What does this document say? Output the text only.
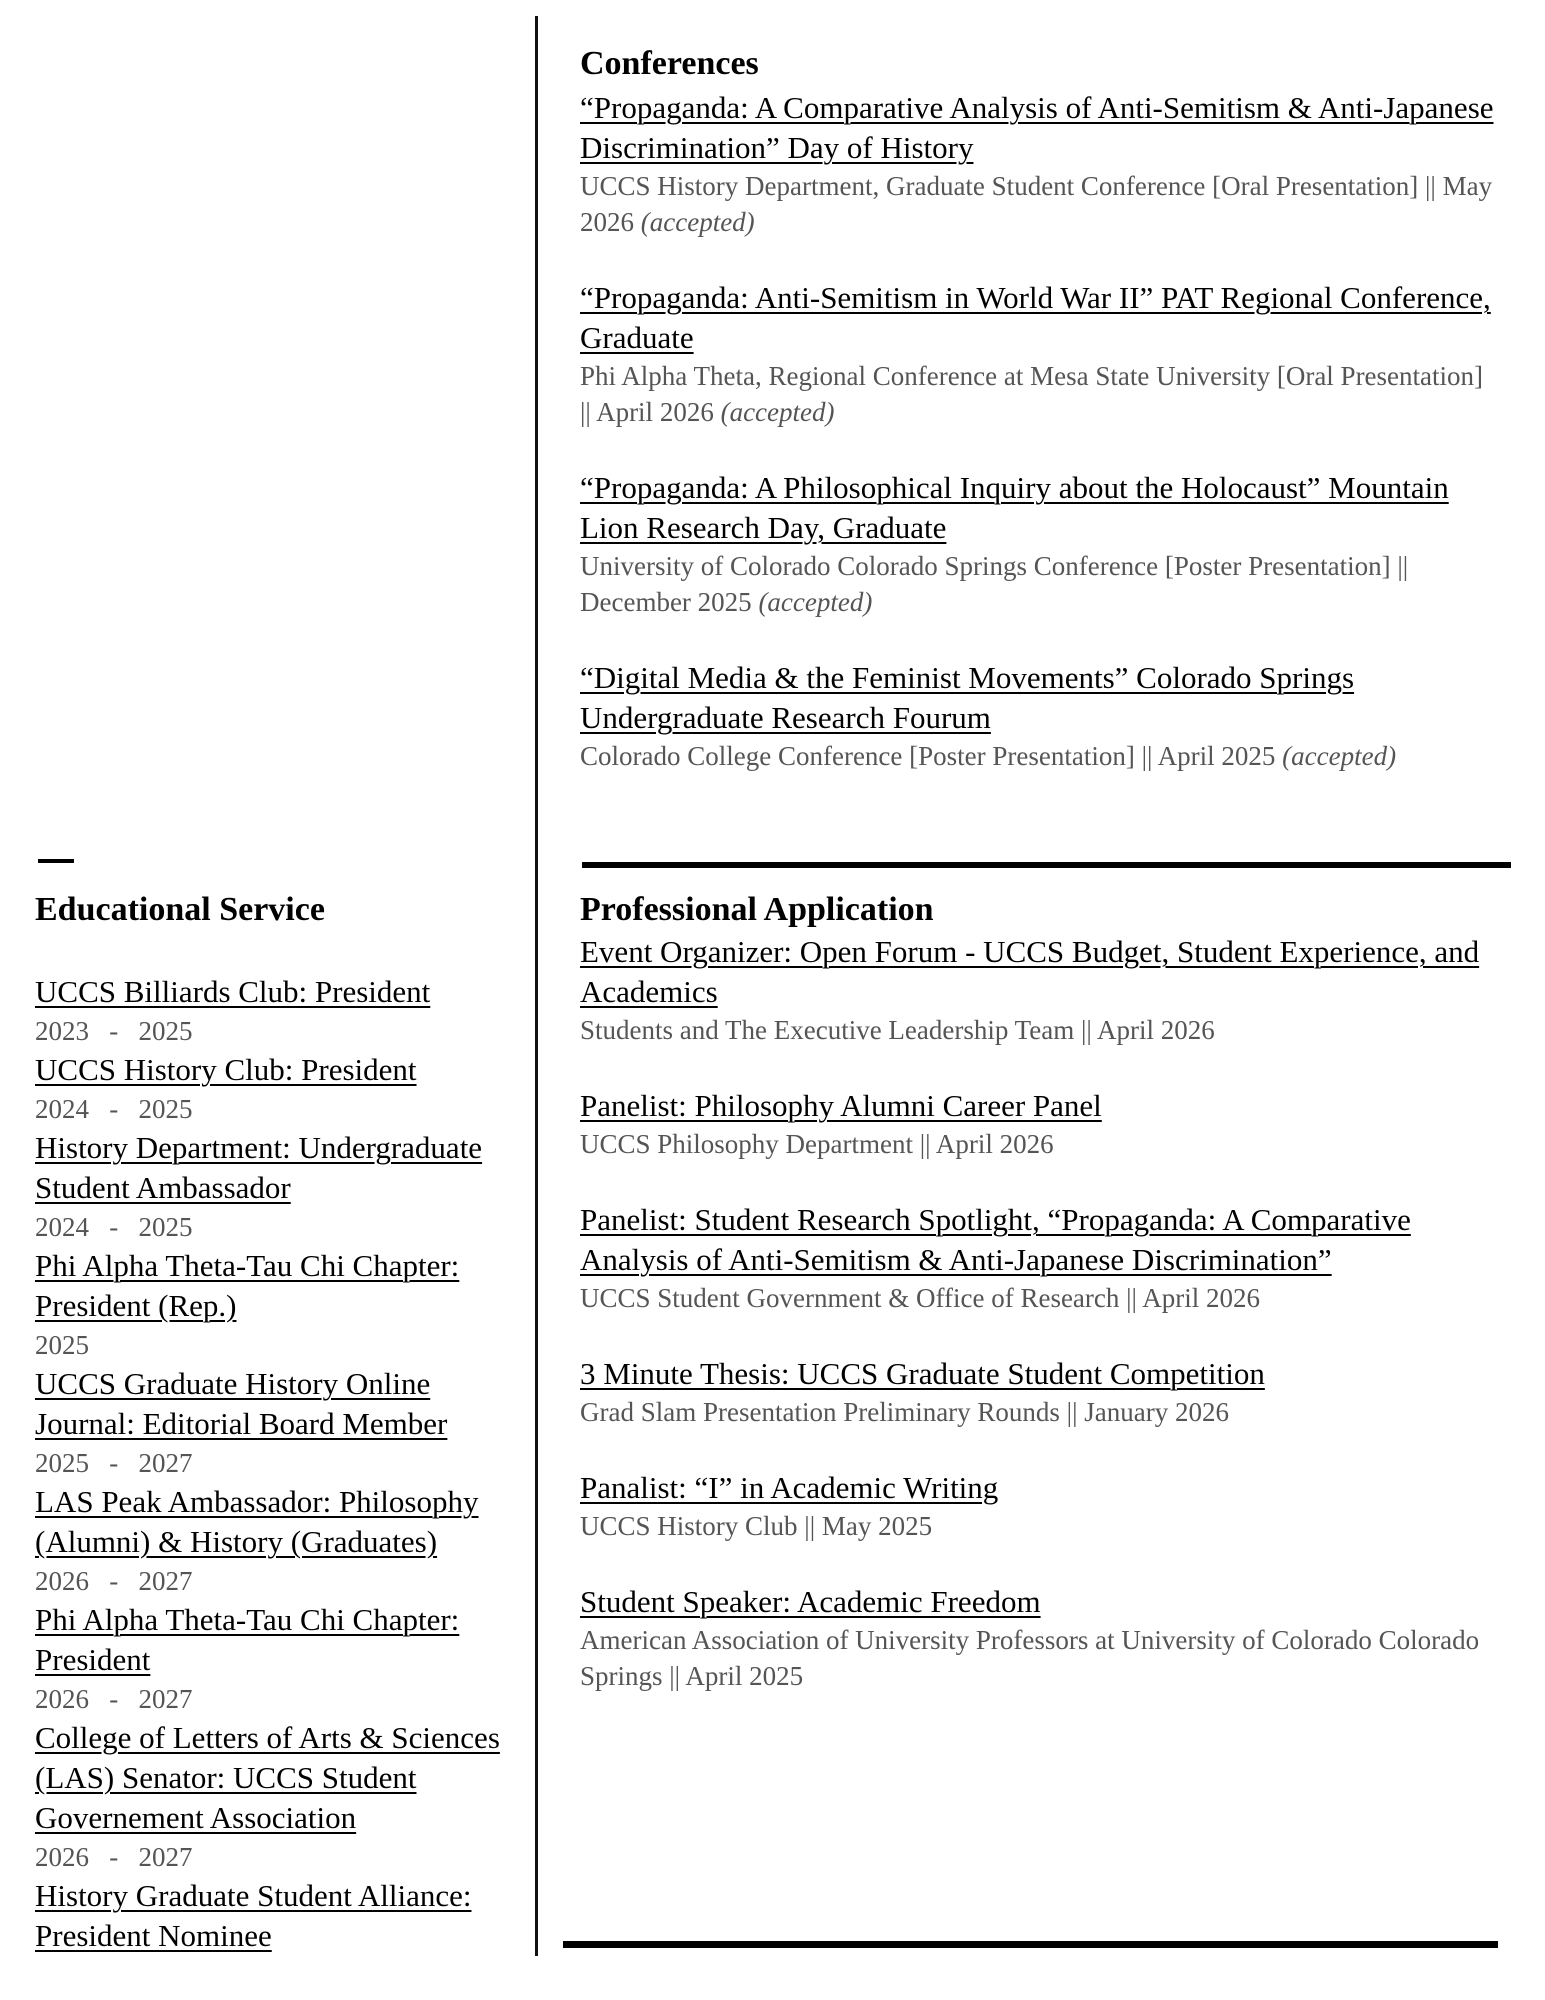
Conferences
“Propaganda: A Comparative Analysis of Anti-Semitism & Anti-Japanese Discrimination” Day of History
UCCS History Department, Graduate Student Conference [Oral Presentation] || May 2026 (accepted)
“Propaganda: Anti-Semitism in World War II” PAT Regional Conference, Graduate
Phi Alpha Theta, Regional Conference at Mesa State University [Oral Presentation] || April 2026 (accepted)
“Propaganda: A Philosophical Inquiry about the Holocaust” Mountain Lion Research Day, Graduate
University of Colorado Colorado Springs Conference [Poster Presentation] || December 2025 (accepted)
“Digital Media & the Feminist Movements” Colorado Springs Undergraduate Research Fourum
Colorado College Conference [Poster Presentation] || April 2025 (accepted)
Professional Application
Event Organizer: Open Forum - UCCS Budget, Student Experience, and Academics
Students and The Executive Leadership Team || April 2026
Panelist: Philosophy Alumni Career Panel
UCCS Philosophy Department || April 2026
Panelist: Student Research Spotlight, “Propaganda: A Comparative Analysis of Anti-Semitism & Anti-Japanese Discrimination”
UCCS Student Government & Office of Research || April 2026
3 Minute Thesis: UCCS Graduate Student Competition
Grad Slam Presentation Preliminary Rounds || January 2026
Panalist: “I” in Academic Writing
UCCS History Club || May 2025
Student Speaker: Academic Freedom
American Association of University Professors at University of Colorado Colorado Springs || April 2025
Educational Service
UCCS Billiards Club: President
2023   -   2025
UCCS History Club: President
2024   -   2025
History Department: Undergraduate Student Ambassador
2024   -   2025
Phi Alpha Theta-Tau Chi Chapter: President (Rep.)
2025
UCCS Graduate History Online Journal: Editorial Board Member
2025   -   2027
LAS Peak Ambassador: Philosophy (Alumni) & History (Graduates)
2026   -   2027
Phi Alpha Theta-Tau Chi Chapter: President
2026   -   2027
College of Letters of Arts & Sciences (LAS) Senator: UCCS Student Governement Association
2026   -   2027
History Graduate Student Alliance: President Nominee
